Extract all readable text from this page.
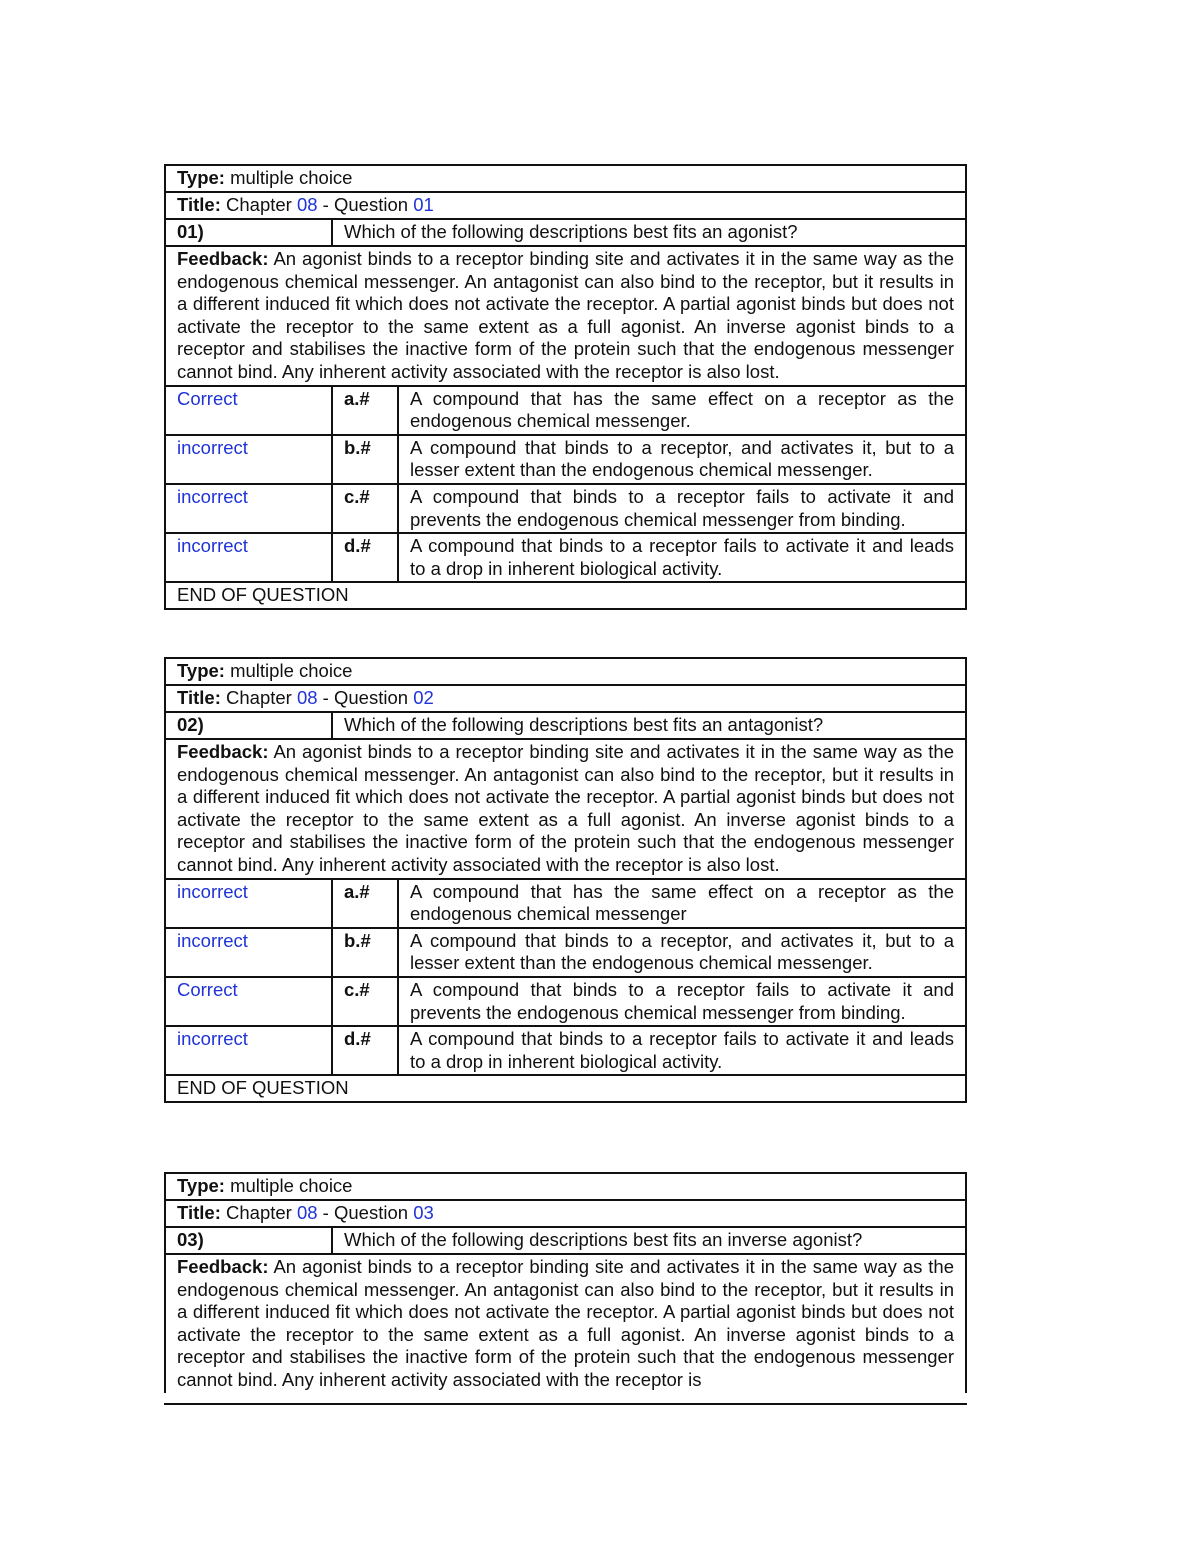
Type: multiple choice		
Title: Chapter 08 - Question 01		
01)	Which of the following descriptions best fits an agonist?	
Feedback: An agonist binds to a receptor binding site and activates it in the same way as the endogenous chemical messenger. An antagonist can also bind to the receptor, but it results in a different induced fit which does not activate the receptor. A partial agonist binds but does not activate the receptor to the same extent as a full agonist. An inverse agonist binds to a receptor and stabilises the inactive form of the protein such that the endogenous messenger cannot bind. Any inherent activity associated with the receptor is also lost.		
Correct	a.#	A compound that has the same effect on a receptor as the endogenous chemical messenger.
incorrect	b.#	A compound that binds to a receptor, and activates it, but to a lesser extent than the endogenous chemical messenger.
incorrect	c.#	A compound that binds to a receptor fails to activate it and prevents the endogenous chemical messenger from binding.
incorrect	d.#	A compound that binds to a receptor fails to activate it and leads to a drop in inherent biological activity.
END OF QUESTION		
Type: multiple choice		
Title: Chapter 08 - Question 02		
02)	Which of the following descriptions best fits an antagonist?	
Feedback: An agonist binds to a receptor binding site and activates it in the same way as the endogenous chemical messenger. An antagonist can also bind to the receptor, but it results in a different induced fit which does not activate the receptor. A partial agonist binds but does not activate the receptor to the same extent as a full agonist. An inverse agonist binds to a receptor and stabilises the inactive form of the protein such that the endogenous messenger cannot bind. Any inherent activity associated with the receptor is also lost.		
incorrect	a.#	A compound that has the same effect on a receptor as the endogenous chemical messenger
incorrect	b.#	A compound that binds to a receptor, and activates it, but to a lesser extent than the endogenous chemical messenger.
Correct	c.#	A compound that binds to a receptor fails to activate it and prevents the endogenous chemical messenger from binding.
incorrect	d.#	A compound that binds to a receptor fails to activate it and leads to a drop in inherent biological activity.
END OF QUESTION		
Type: multiple choice
Title: Chapter 08 - Question 03
03)	Which of the following descriptions best fits an inverse agonist?
Feedback: An agonist binds to a receptor binding site and activates it in the same way as the endogenous chemical messenger. An antagonist can also bind to the receptor, but it results in a different induced fit which does not activate the receptor. A partial agonist binds but does not activate the receptor to the same extent as a full agonist. An inverse agonist binds to a receptor and stabilises the inactive form of the protein such that the endogenous messenger cannot bind. Any inherent activity associated with the receptor is
